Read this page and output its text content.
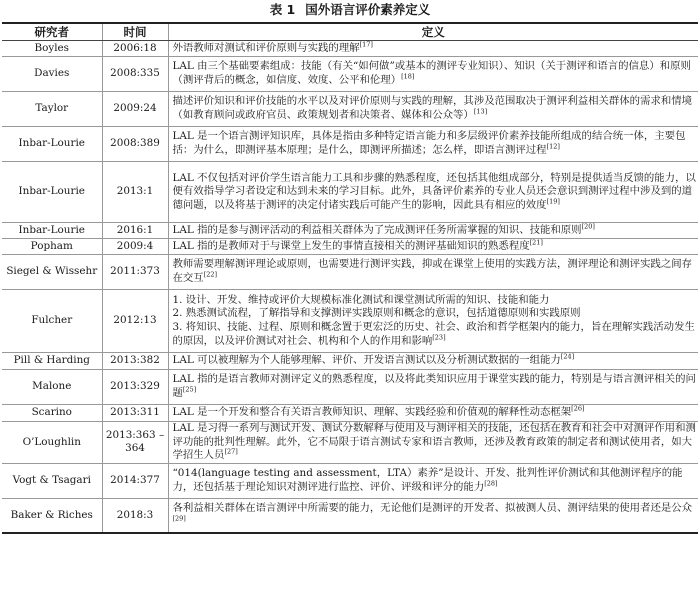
表 1 国外语言评价素养定义
研究者	时间	定义
Boyles	2006:18	外语教师对测试和评价原则与实践的理解[17]
Davies	2008:335	LAL 由三个基础要素组成：技能（有关“如何做”或基本的测评专业知识）、知识（关于测评和语言的信息）和原则（测评背后的概念，如信度、效度、公平和伦理）[18]
Taylor	2009:24	描述评价知识和评价技能的水平以及对评价原则与实践的理解，其涉及范围取决于测评利益相关群体的需求和情境（如教育顾问或政府官员、政策规划者和决策者、媒体和公众等）[13]
Inbar-Lourie	2008:389	LAL 是一个语言测评知识库，具体是指由多种特定语言能力和多层级评价素养技能所组成的结合统一体，主要包括：为什么，即测评基本原理；是什么，即测评所描述；怎么样，即语言测评过程[12]
Inbar-Lourie	2013:1	LAL 不仅包括对评价学生语言能力工具和步骤的熟悉程度，还包括其他组成部分，特别是提供适当反馈的能力，以便有效指导学习者设定和达到未来的学习目标。此外，具备评价素养的专业人员还会意识到测评过程中涉及到的道德问题，以及将基于测评的决定付诸实践后可能产生的影响，因此具有相应的效度[19]
Inbar-Lourie	2016:1	LAL 指的是参与测评活动的利益相关群体为了完成测评任务所需掌握的知识、技能和原则[20]
Popham	2009:4	LAL 指的是教师对于与课堂上发生的事情直接相关的测评基础知识的熟悉程度[21]
Siegel & Wissehr	2011:373	教师需要理解测评理论或原则，也需要进行测评实践，抑或在课堂上使用的实践方法，测评理论和测评实践之间存在交互[22]
Fulcher	2012:13	1. 设计、开发、维持或评价大规模标准化测试和课堂测试所需的知识、技能和能力
2. 熟悉测试流程，了解指导和支撑测评实践原则和概念的意识，包括道德原则和实践原则
3. 将知识、技能、过程、原则和概念置于更宏泛的历史、社会、政治和哲学框架内的能力，旨在理解实践活动发生的原因，以及评价测试对社会、机构和个人的作用和影响[23]
Pill & Harding	2013:382	LAL 可以被理解为个人能够理解、评价、开发语言测试以及分析测试数据的一组能力[24]
Malone	2013:329	LAL 指的是语言教师对测评定义的熟悉程度，以及将此类知识应用于课堂实践的能力，特别是与语言测评相关的问题[25]
Scarino	2013:311	LAL 是一个开发和整合有关语言教师知识、理解、实践经验和价值观的解释性动态框架[26]
O’Loughlin	2013:363 – 364	LAL 是习得一系列与测试开发、测试分数解释与使用及与测评相关的技能，还包括在教育和社会中对测评作用和测评功能的批判性理解。此外，它不局限于语言测试专家和语言教师，还涉及教育政策的制定者和测试使用者，如大学招生人员[27]
Vogt & Tsagari	2014:377	“014(language testing and assessment，LTA）素养”是设计、开发、批判性评价测试和其他测评程序的能力，还包括基于理论知识对测评进行监控、评价、评级和评分的能力[28]
Baker & Riches	2018:3	各利益相关群体在语言测评中所需要的能力，无论他们是测评的开发者、拟被测人员、测评结果的使用者还是公众[29]
